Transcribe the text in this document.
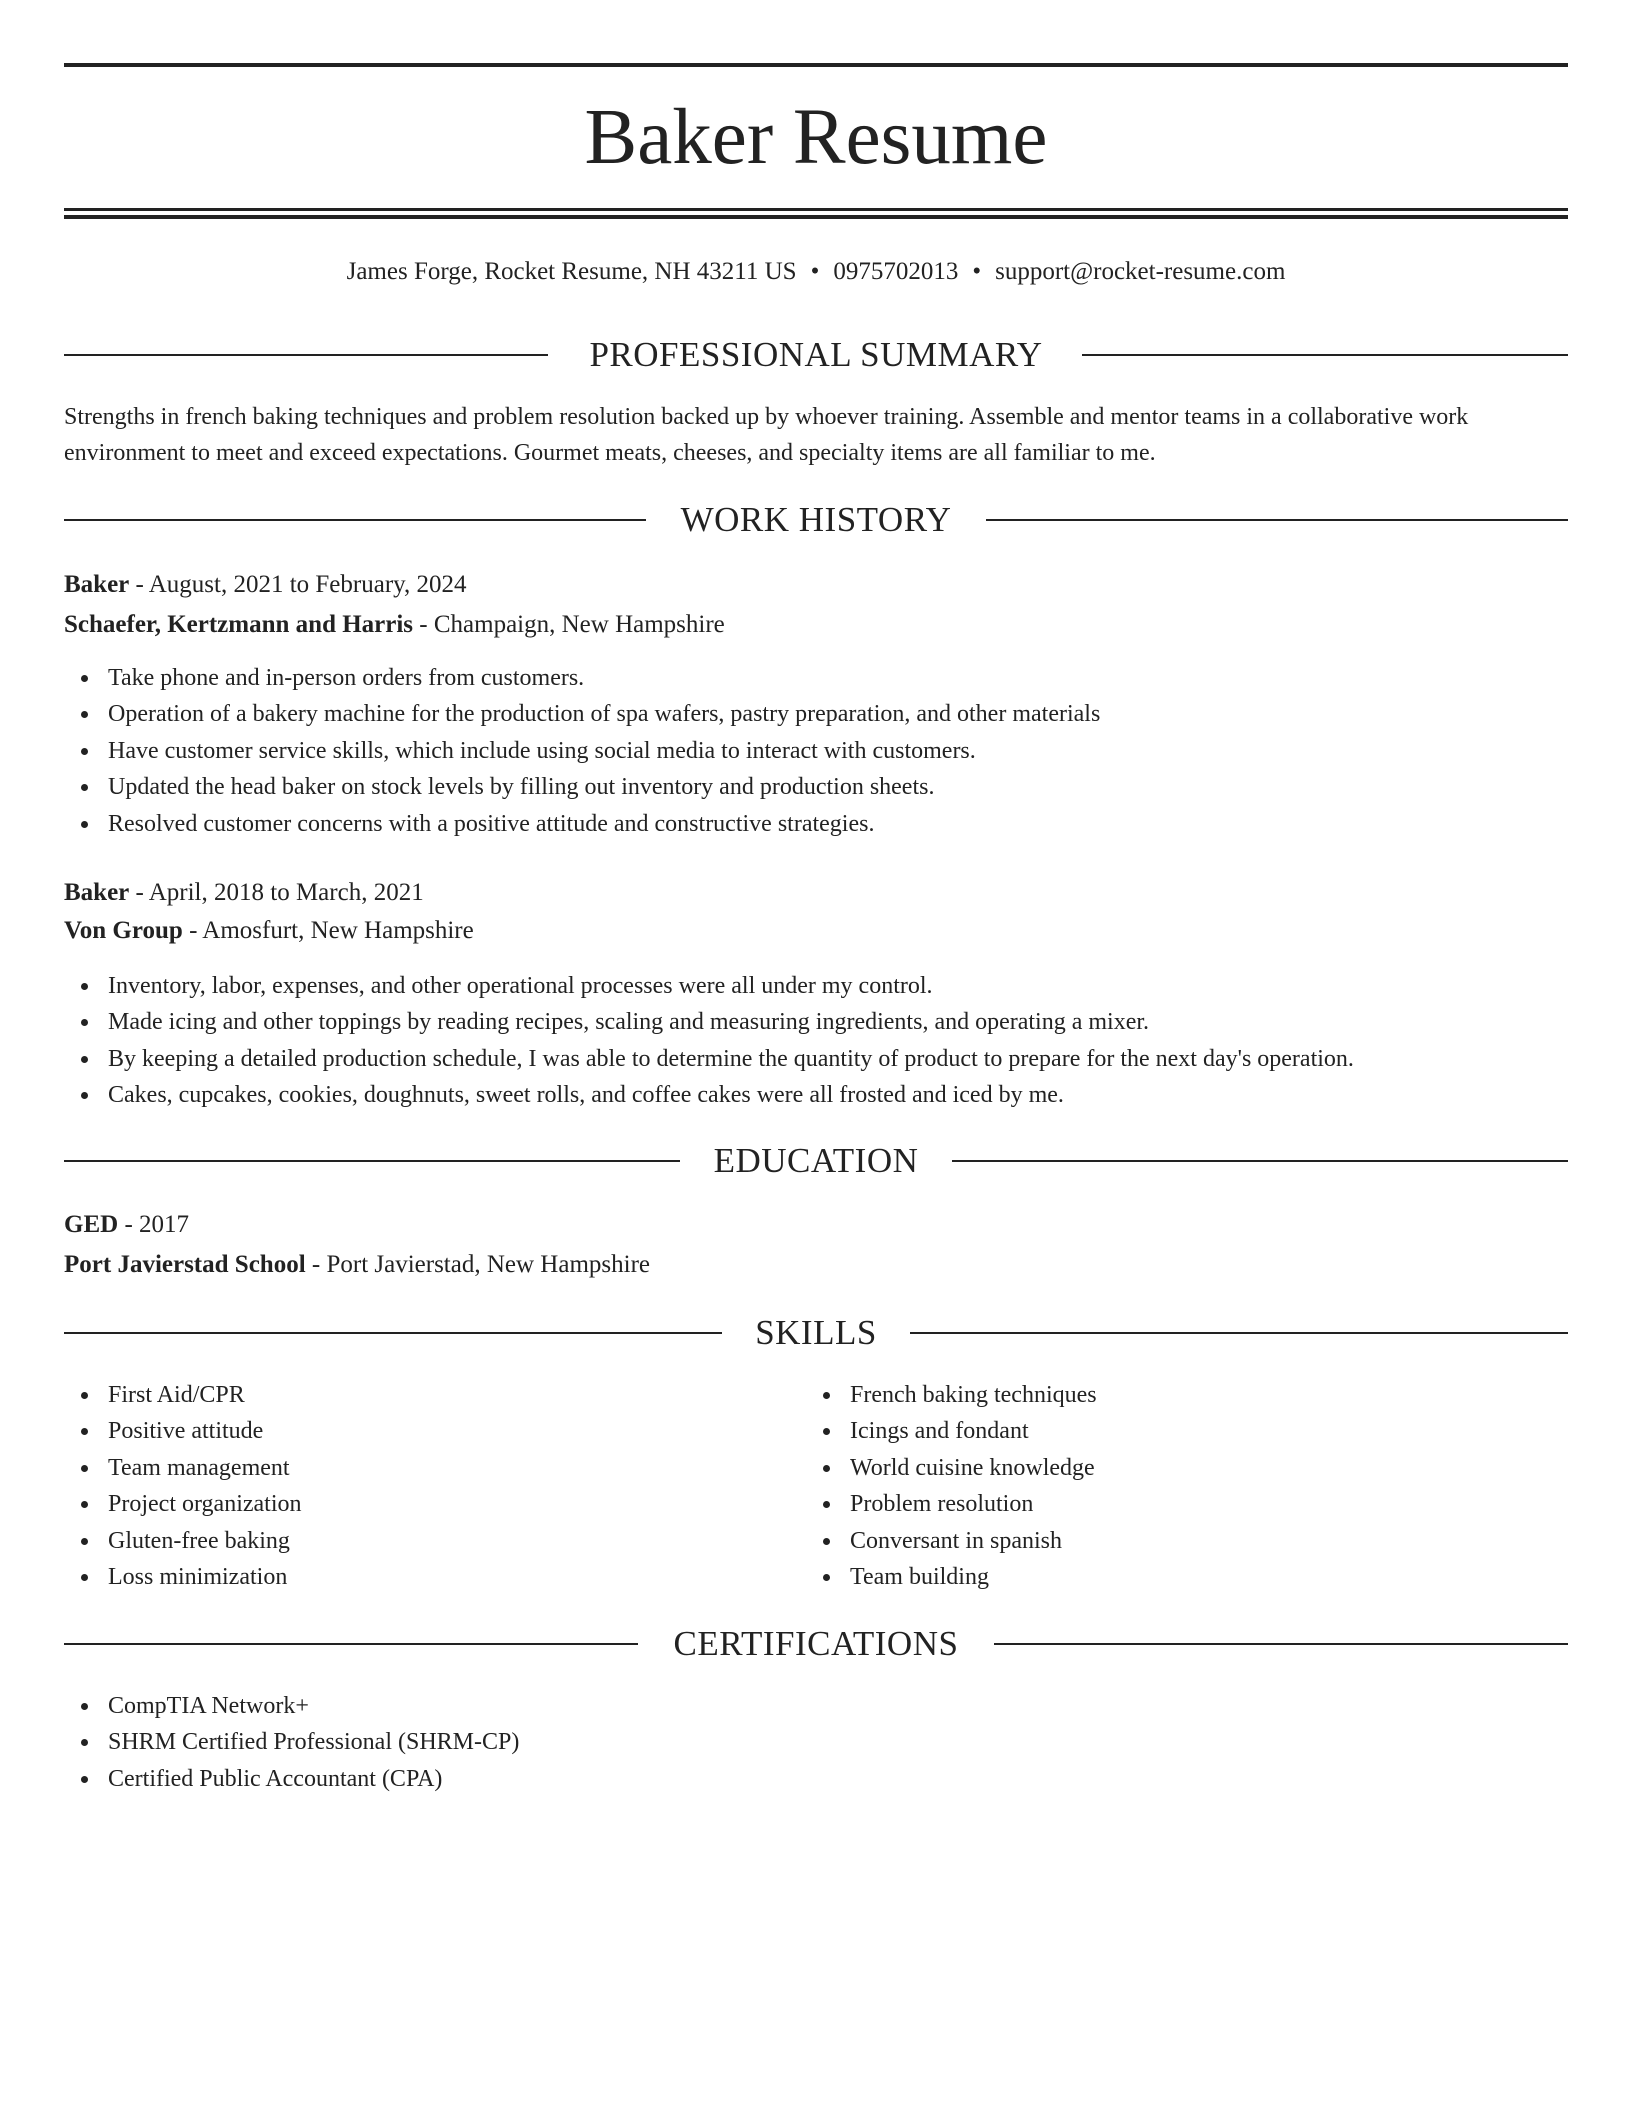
Baker Resume
James Forge, Rocket Resume, NH 43211 US • 0975702013 • support@rocket-resume.com
PROFESSIONAL SUMMARY
Strengths in french baking techniques and problem resolution backed up by whoever training. Assemble and mentor teams in a collaborative work environment to meet and exceed expectations. Gourmet meats, cheeses, and specialty items are all familiar to me.
WORK HISTORY
Baker - August, 2021 to February, 2024
Schaefer, Kertzmann and Harris - Champaign, New Hampshire
Take phone and in-person orders from customers.
Operation of a bakery machine for the production of spa wafers, pastry preparation, and other materials
Have customer service skills, which include using social media to interact with customers.
Updated the head baker on stock levels by filling out inventory and production sheets.
Resolved customer concerns with a positive attitude and constructive strategies.
Baker - April, 2018 to March, 2021
Von Group - Amosfurt, New Hampshire
Inventory, labor, expenses, and other operational processes were all under my control.
Made icing and other toppings by reading recipes, scaling and measuring ingredients, and operating a mixer.
By keeping a detailed production schedule, I was able to determine the quantity of product to prepare for the next day's operation.
Cakes, cupcakes, cookies, doughnuts, sweet rolls, and coffee cakes were all frosted and iced by me.
EDUCATION
GED - 2017
Port Javierstad School - Port Javierstad, New Hampshire
SKILLS
First Aid/CPR
Positive attitude
Team management
Project organization
Gluten-free baking
Loss minimization
French baking techniques
Icings and fondant
World cuisine knowledge
Problem resolution
Conversant in spanish
Team building
CERTIFICATIONS
CompTIA Network+
SHRM Certified Professional (SHRM-CP)
Certified Public Accountant (CPA)
